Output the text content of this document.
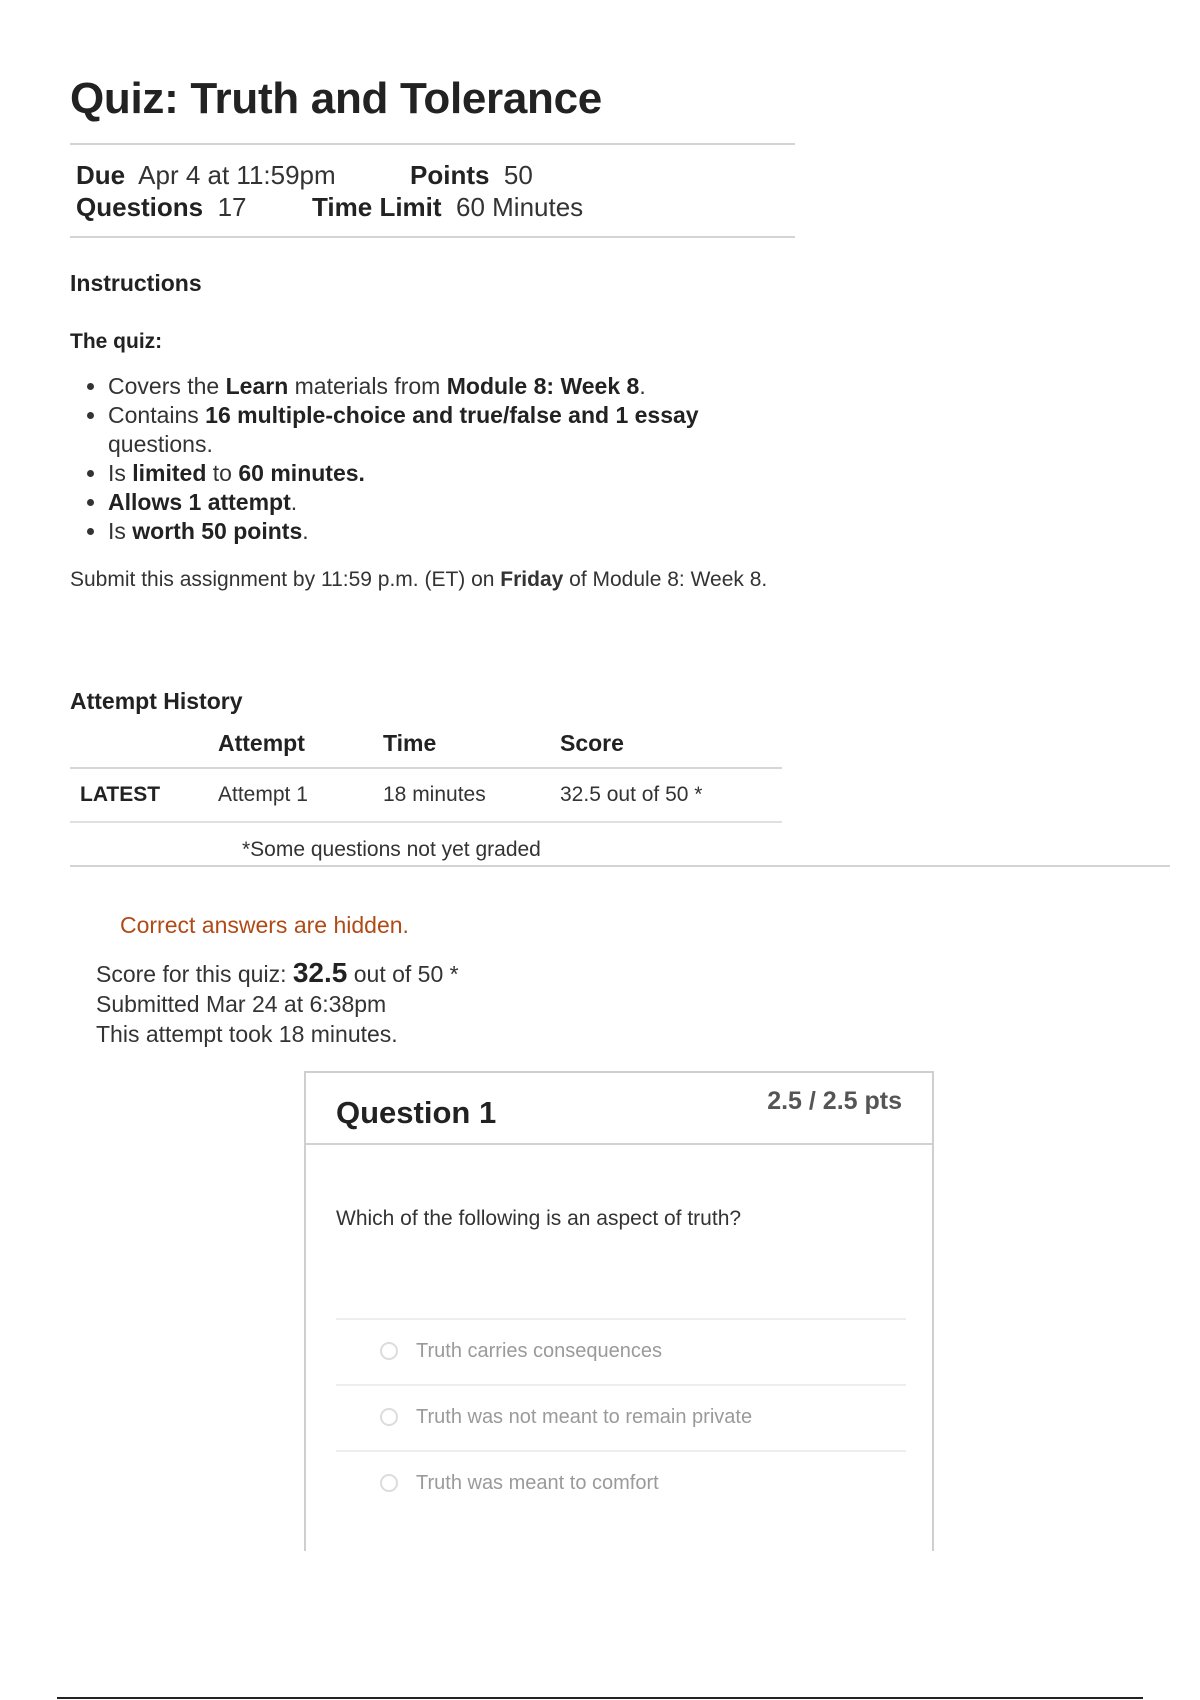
Quiz: Truth and Tolerance
Due Apr 4 at 11:59pm	Points 50
Questions 17	Time Limit 60 Minutes
Instructions
The quiz:
• Covers the Learn materials from Module 8: Week 8.
• Contains 16 multiple-choice and true/false and 1 essay questions.
• Is limited to 60 minutes.
• Allows 1 attempt.
• Is worth 50 points.

Submit this assignment by 11:59 p.m. (ET) on Friday of Module 8: Week 8.

Attempt History
	Attempt	Time	Score
LATEST	Attempt 1	18 minutes	32.5 out of 50 *
*Some questions not yet graded
Correct answers are hidden.
Score for this quiz: 32.5 out of 50 *
Submitted Mar 24 at 6:38pm
This attempt took 18 minutes.
Question 1	2.5 / 2.5 pts
Which of the following is an aspect of truth?
Truth carries consequences
Truth was not meant to remain private
Truth was meant to comfort
